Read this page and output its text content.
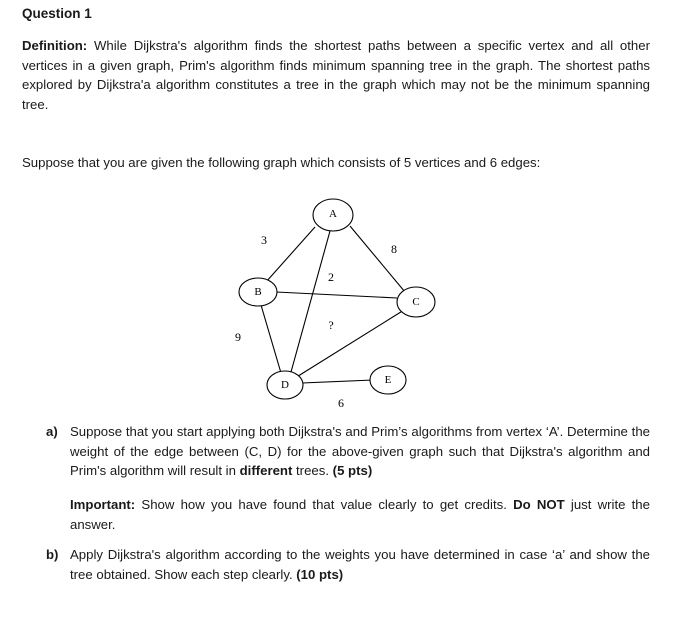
Question 1

Definition: While Dijkstra's algorithm finds the shortest paths between a specific vertex and all other vertices in a given graph, Prim's algorithm finds minimum spanning tree in the graph. The shortest paths explored by Dijkstra'a algorithm constitutes a tree in the graph which may not be the minimum spanning tree.

Suppose that you are given the following graph which consists of 5 vertices and 6 edges:

A
B
C
D	E
3
8
2
?
9
6
a) Suppose that you start applying both Dijkstra's and Prim’s algorithms from vertex ‘A’. Determine the weight of the edge between (C, D) for the above-given graph such that Dijkstra's algorithm and Prim's algorithm will result in different trees. (5 pts)
Important: Show how you have found that value clearly to get credits. Do NOT just write the answer.
b) Apply Dijkstra's algorithm according to the weights you have determined in case ‘a’ and show the tree obtained. Show each step clearly. (10 pts)
